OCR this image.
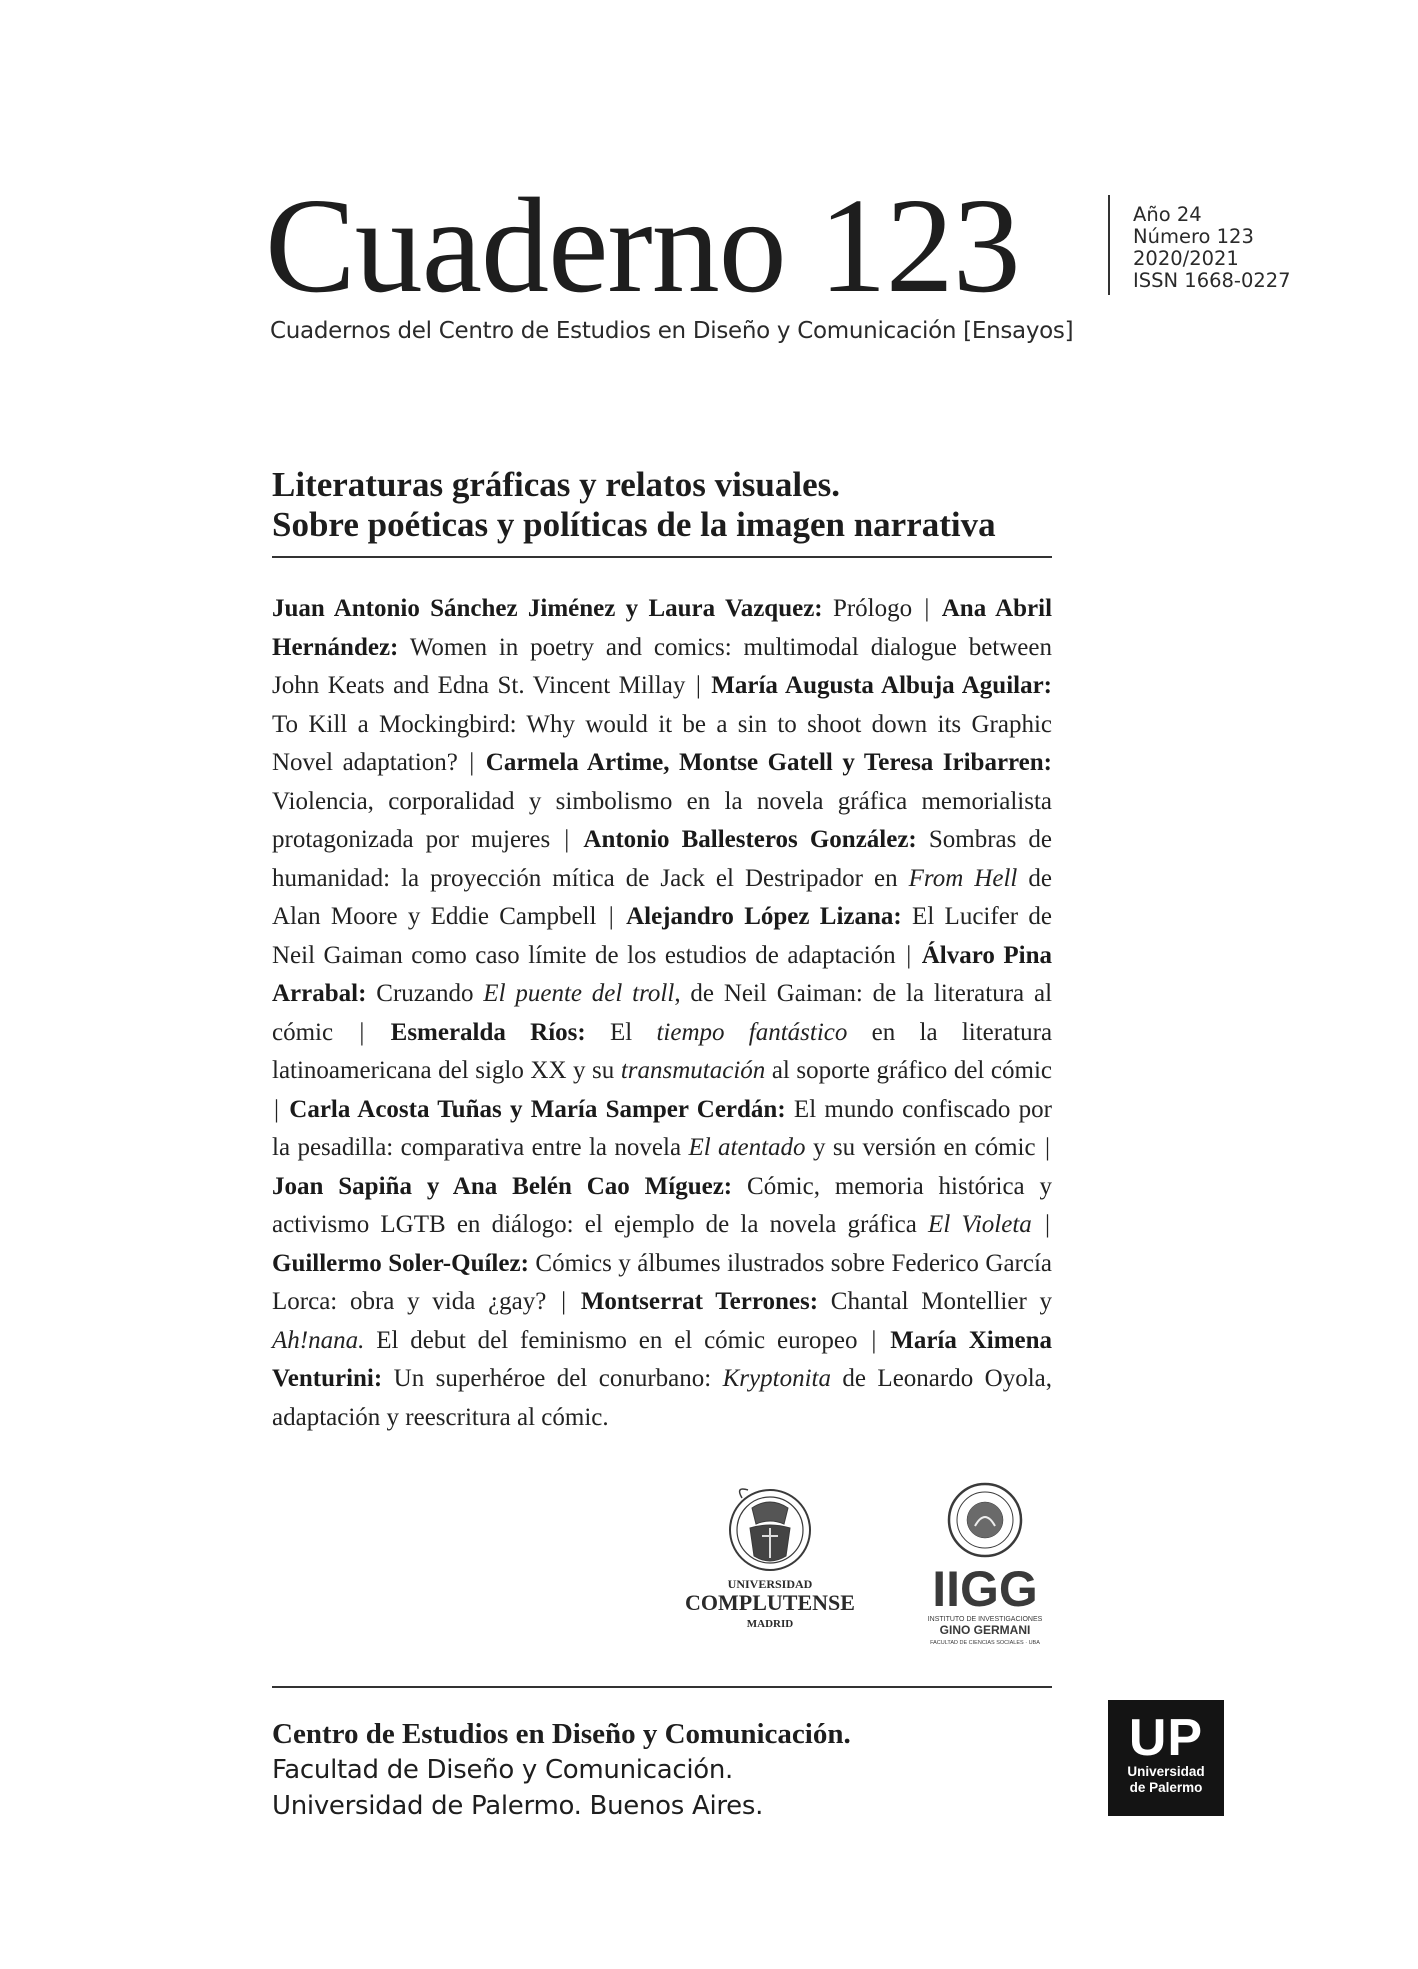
Cuaderno 123
Cuadernos del Centro de Estudios en Diseño y Comunicación [Ensayos]
Año 24
Número 123
2020/2021
ISSN 1668-0227
Literaturas gráficas y relatos visuales.
Sobre poéticas y políticas de la imagen narrativa
Juan Antonio Sánchez Jiménez y Laura Vazquez: Prólogo | Ana Abril Hernández: Women in poetry and comics: multimodal dialogue between John Keats and Edna St. Vincent Millay | María Augusta Albuja Aguilar: To Kill a Mockingbird: Why would it be a sin to shoot down its Graphic Novel adaptation? | Carmela Artime, Montse Gatell y Teresa Iribarren: Violencia, corporalidad y simbolismo en la novela gráfica memorialista protagonizada por mujeres | Antonio Ballesteros González: Sombras de humanidad: la proyección mítica de Jack el Destripador en From Hell de Alan Moore y Eddie Campbell | Alejandro López Lizana: El Lucifer de Neil Gaiman como caso límite de los estudios de adaptación | Álvaro Pina Arrabal: Cruzando El puente del troll, de Neil Gaiman: de la literatura al cómic | Esmeralda Ríos: El tiempo fantástico en la literatura latinoamericana del siglo XX y su transmutación al soporte gráfico del cómic | Carla Acosta Tuñas y María Samper Cerdán: El mundo confiscado por la pesadilla: comparativa entre la novela El atentado y su versión en cómic | Joan Sapiña y Ana Belén Cao Míguez: Cómic, memoria histórica y activismo LGTB en diálogo: el ejemplo de la novela gráfica El Violeta | Guillermo Soler-Quílez: Cómics y álbumes ilustrados sobre Federico García Lorca: obra y vida ¿gay? | Montserrat Terrones: Chantal Montellier y Ah!nana. El debut del feminismo en el cómic europeo | María Ximena Venturini: Un superhéroe del conurbano: Kryptonita de Leonardo Oyola, adaptación y reescritura al cómic.
UNIVERSIDAD
COMPLUTENSE
MADRID
IIGG
INSTITUTO DE INVESTIGACIONES
GINO GERMANI
FACULTAD DE CIENCIAS SOCIALES · UBA
Centro de Estudios en Diseño y Comunicación.
Facultad de Diseño y Comunicación.
Universidad de Palermo. Buenos Aires.
UP
Universidad
de Palermo
